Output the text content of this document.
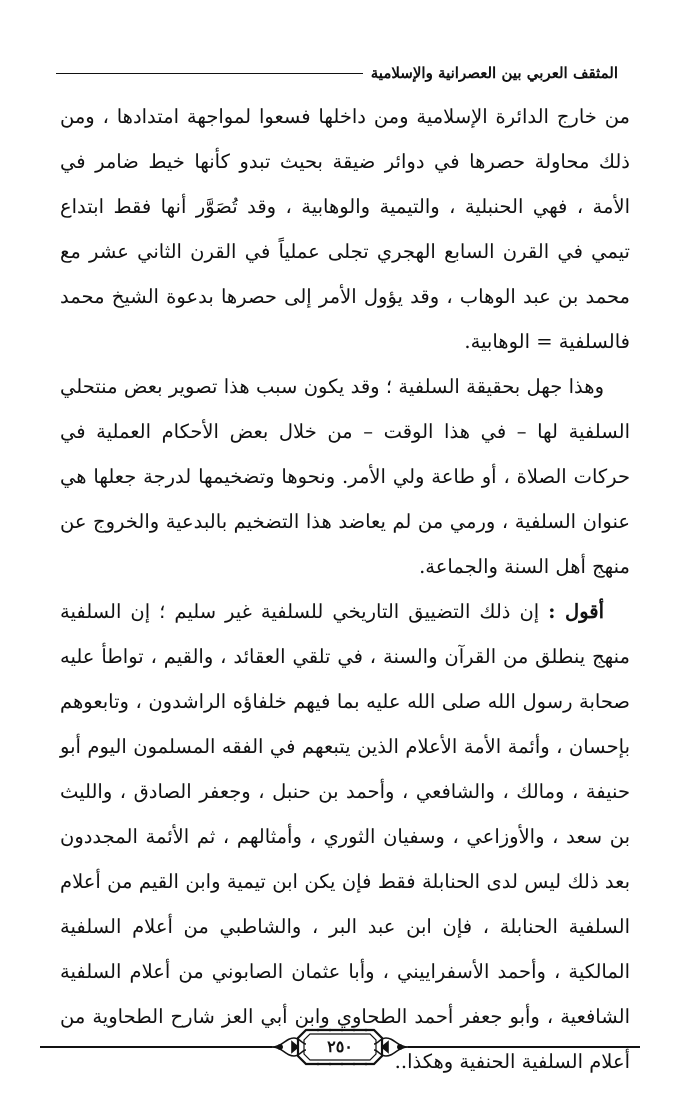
المثقف العربي بين العصرانية والإسلامية

من خارج الدائرة الإسلامية ومن داخلها فسعوا لمواجهة امتدادها ، ومن ذلك محاولة حصرها في دوائر ضيقة بحيث تبدو كأنها خيط ضامر في الأمة ، فهي الحنبلية ، والتيمية والوهابية ، وقد تُصَوَّر أنها فقط ابتداع تيمي في القرن السابع الهجري تجلى عملياً في القرن الثاني عشر مع محمد بن عبد الوهاب ، وقد يؤول الأمر إلى حصرها بدعوة الشيخ محمد فالسلفية = الوهابية.

وهذا جهل بحقيقة السلفية ؛ وقد يكون سبب هذا تصوير بعض منتحلي السلفية لها – في هذا الوقت – من خلال بعض الأحكام العملية في حركات الصلاة ، أو طاعة ولي الأمر. ونحوها وتضخيمها لدرجة جعلها هي عنوان السلفية ، ورمي من لم يعاضد هذا التضخيم بالبدعية والخروج عن منهج أهل السنة والجماعة.

أقول : إن ذلك التضييق التاريخي للسلفية غير سليم ؛ إن السلفية منهج ينطلق من القرآن والسنة ، في تلقي العقائد ، والقيم ، تواطأ عليه صحابة رسول الله صلى الله عليه بما فيهم خلفاؤه الراشدون ، وتابعوهم بإحسان ، وأئمة الأمة الأعلام الذين يتبعهم في الفقه المسلمون اليوم أبو حنيفة ، ومالك ، والشافعي ، وأحمد بن حنبل ، وجعفر الصادق ، والليث بن سعد ، والأوزاعي ، وسفيان الثوري ، وأمثالهم ، ثم الأئمة المجددون بعد ذلك ليس لدى الحنابلة فقط فإن يكن ابن تيمية وابن القيم من أعلام السلفية الحنابلة ، فإن ابن عبد البر ، والشاطبي من أعلام السلفية المالكية ، وأحمد الأسفراييني ، وأبا عثمان الصابوني من أعلام السلفية الشافعية ، وأبو جعفر أحمد الطحاوي وابن أبي العز شارح الطحاوية من أعلام السلفية الحنفية وهكذا..

٢٥٠
